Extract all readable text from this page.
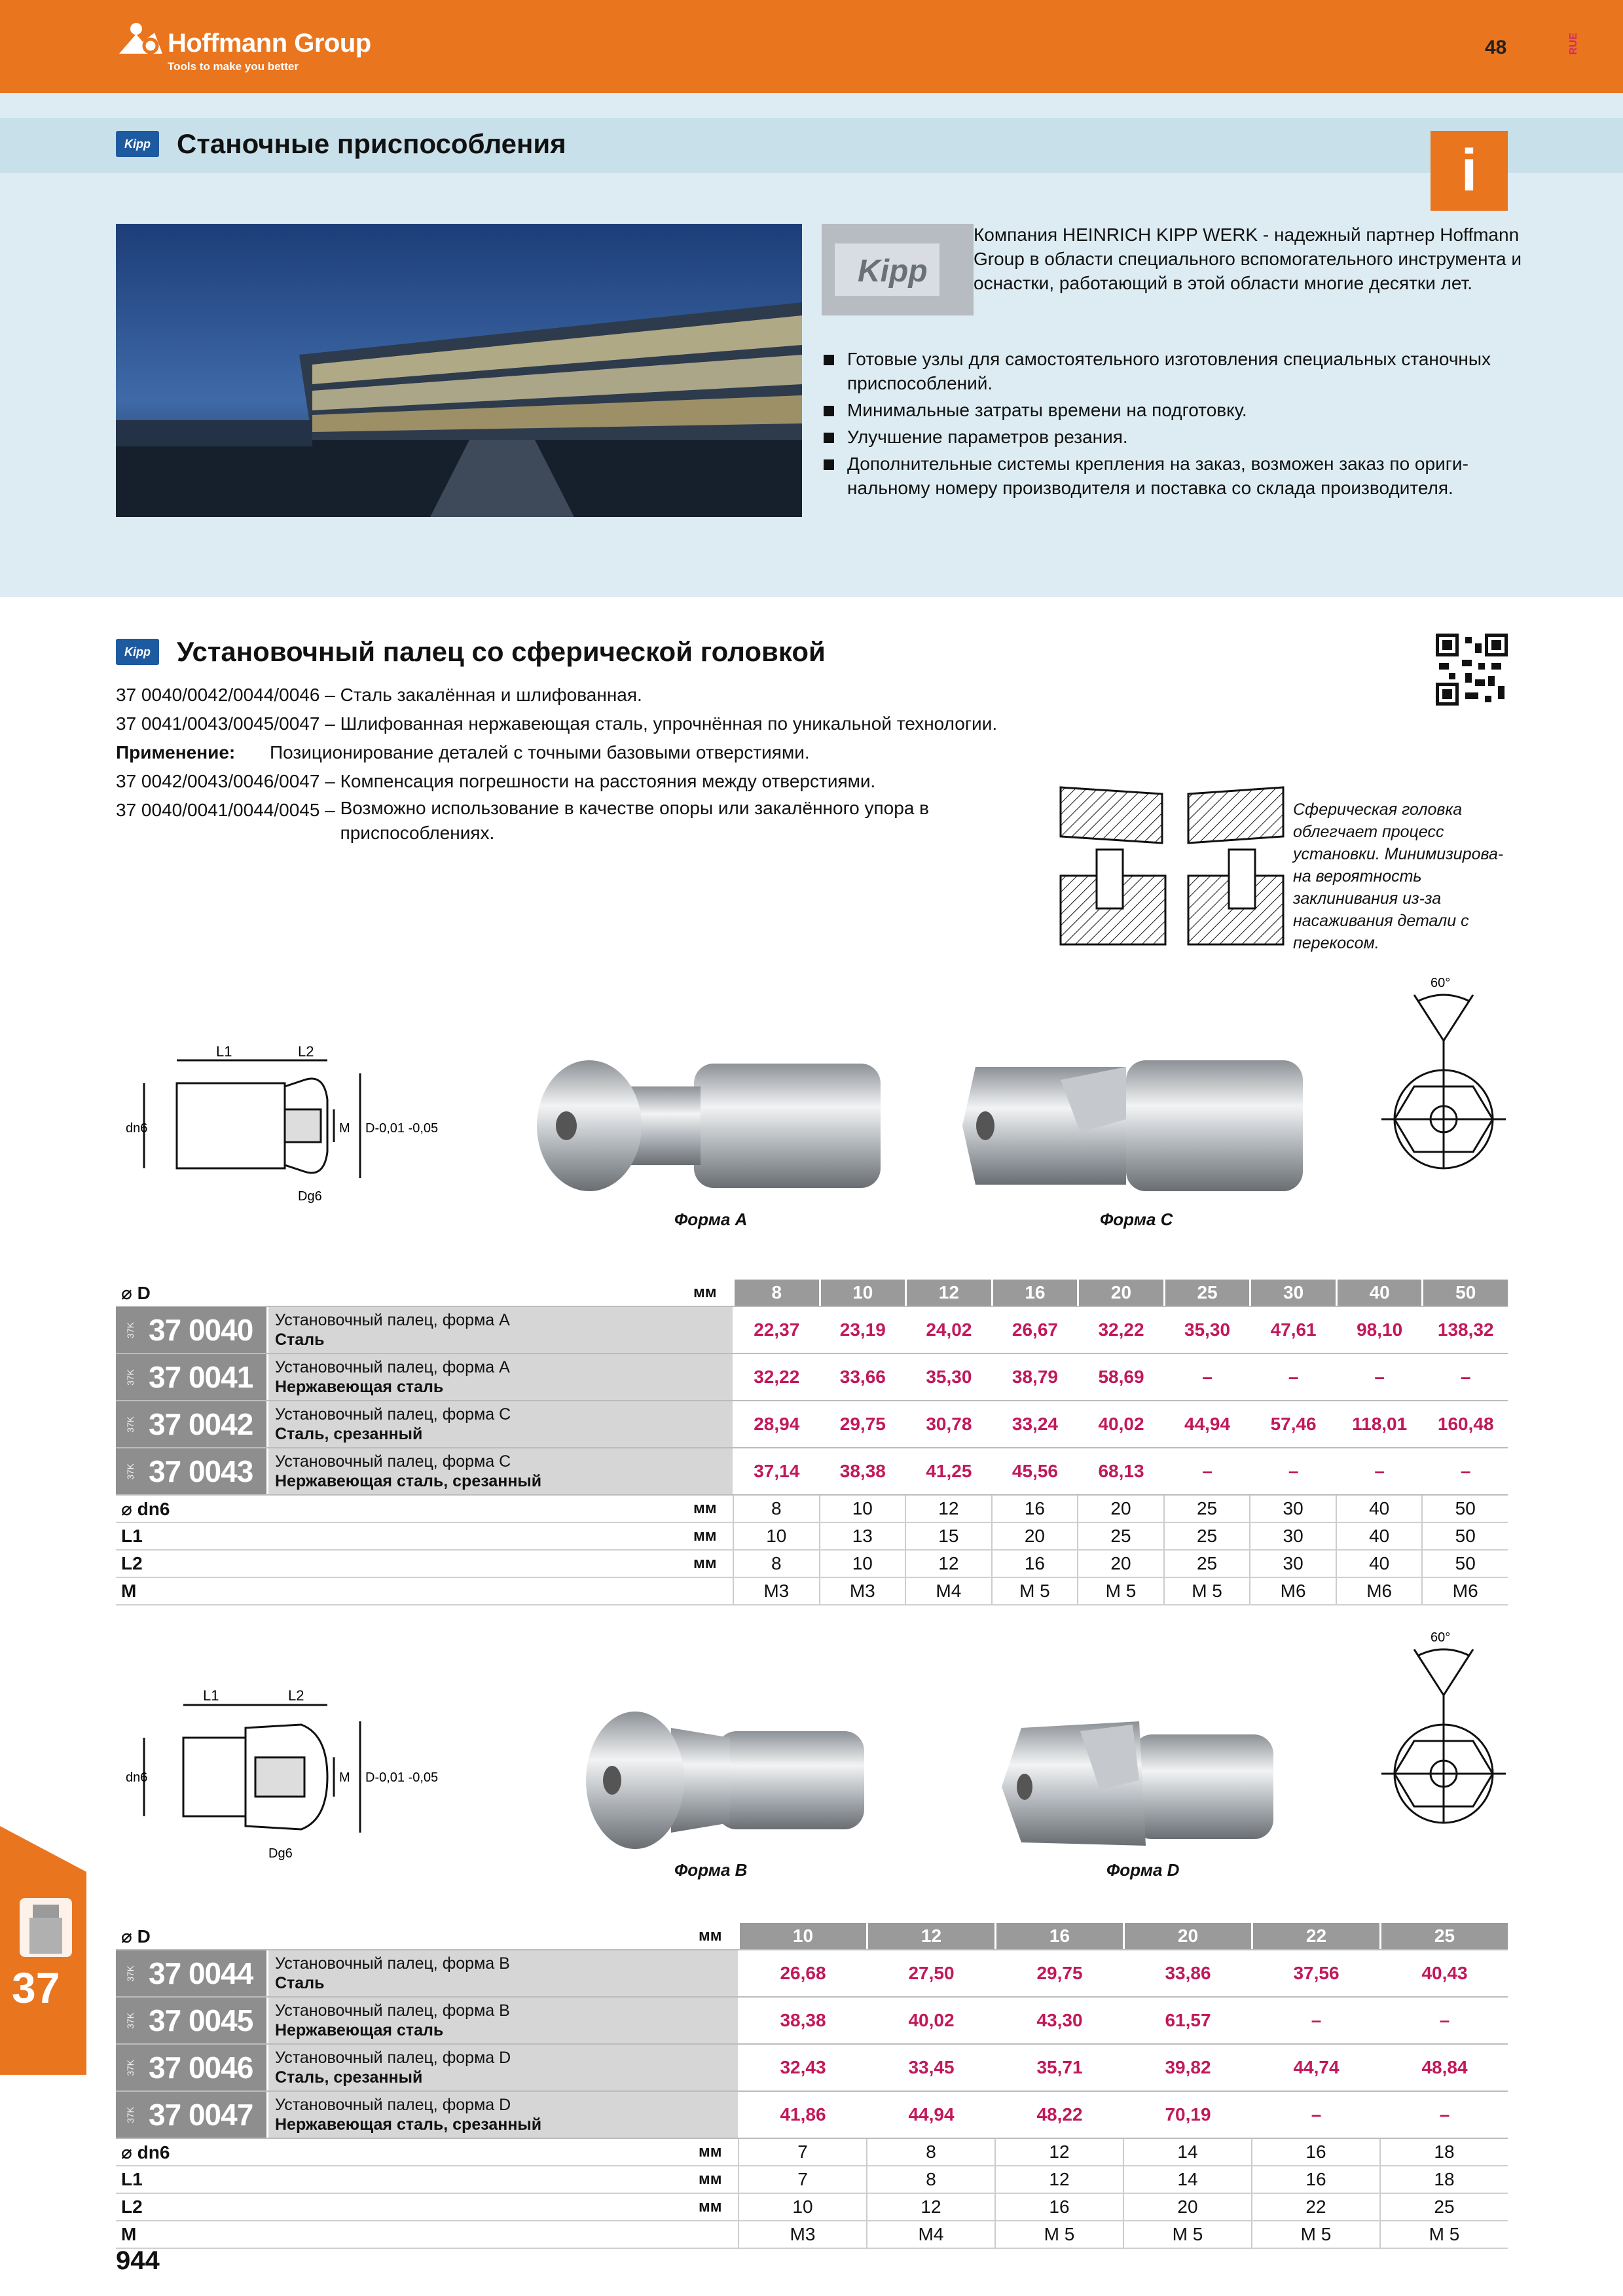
Hoffmann Group
Tools to make you better
48	RUE
Kipp Станочные приспособления	i
Kipp
Компания HEINRICH KIPP WERK - надежный партнер Hoffmann Group в области специального вспомогательного инструмента и оснастки, работающий в этой области многие десятки лет.
Готовые узлы для самостоятельного изготовления специальных станочных приспособлений.
Минимальные затраты времени на подготовку.
Улучшение параметров резания.
Дополнительные системы крепления на заказ, возможен заказ по ориги-нальному номеру производителя и поставка со склада производителя.
Kipp Установочный палец со сферической головкой
37 0040/0042/0044/0046 –
Сталь закалённая и шлифованная.
37 0041/0043/0045/0047 –
Шлифованная нержавеющая сталь, упрочнённая по уникальной технологии.
Применение:	Позиционирование деталей с точными базовыми отверстиями.
37 0042/0043/0046/0047 –
Компенсация погрешности на расстояния между отверстиями.
37 0040/0041/0044/0045 –
Возможно использование в качестве опоры или закалённого упора в приспособлениях.
Сферическая головка облегчает процесс установки. Минимизирова-на вероятность заклинивания из-за насаживания детали с перекосом.
L1	L2
dn6	M D-0,01 -0,05
Dg6
Форма A	Форма C
60°
⌀ D	мм	8	10	12	16	20	25	30	40	50
37K 37 0040 Установочный палец, форма A
Сталь	22,37	23,19	24,02	26,67	32,22	35,30	47,61	98,10	138,32
37K 37 0041 Установочный палец, форма A
Нержавеющая сталь	32,22	33,66	35,30	38,79	58,69	–	–	–	–
37K 37 0042 Установочный палец, форма C
Сталь, срезанный	28,94	29,75	30,78	33,24	40,02	44,94	57,46	118,01	160,48
37K 37 0043 Установочный палец, форма C
Нержавеющая сталь, срезанный	37,14	38,38	41,25	45,56	68,13	–	–	–	–
⌀ dn6	мм	8	10	12	16	20	25	30	40	50
L1	мм	10	13	15	20	25	25	30	40	50
L2	мм	8	10	12	16	20	25	30	40	50
M	M3	M3	M4	M 5	M 5	M 5	M6	M6	M6
L1	L2
dn6	M D-0,01 -0,05
Dg6
Форма B	Форма D
60°
⌀ D	мм	10	12	16	20	22	25
37K 37 0044 Установочный палец, форма B
Сталь	26,68	27,50	29,75	33,86	37,56	40,43
37K 37 0045 Установочный палец, форма B
Нержавеющая сталь	38,38	40,02	43,30	61,57	–	–
37K 37 0046 Установочный палец, форма D
Сталь, срезанный	32,43	33,45	35,71	39,82	44,74	48,84
37K 37 0047 Установочный палец, форма D
Нержавеющая сталь, срезанный	41,86	44,94	48,22	70,19	–	–
⌀ dn6	мм	7	8	12	14	16	18
L1	мм	7	8	12	14	16	18
L2	мм	10	12	16	20	22	25
M	M3	M4	M 5	M 5	M 5	M 5
37
944
